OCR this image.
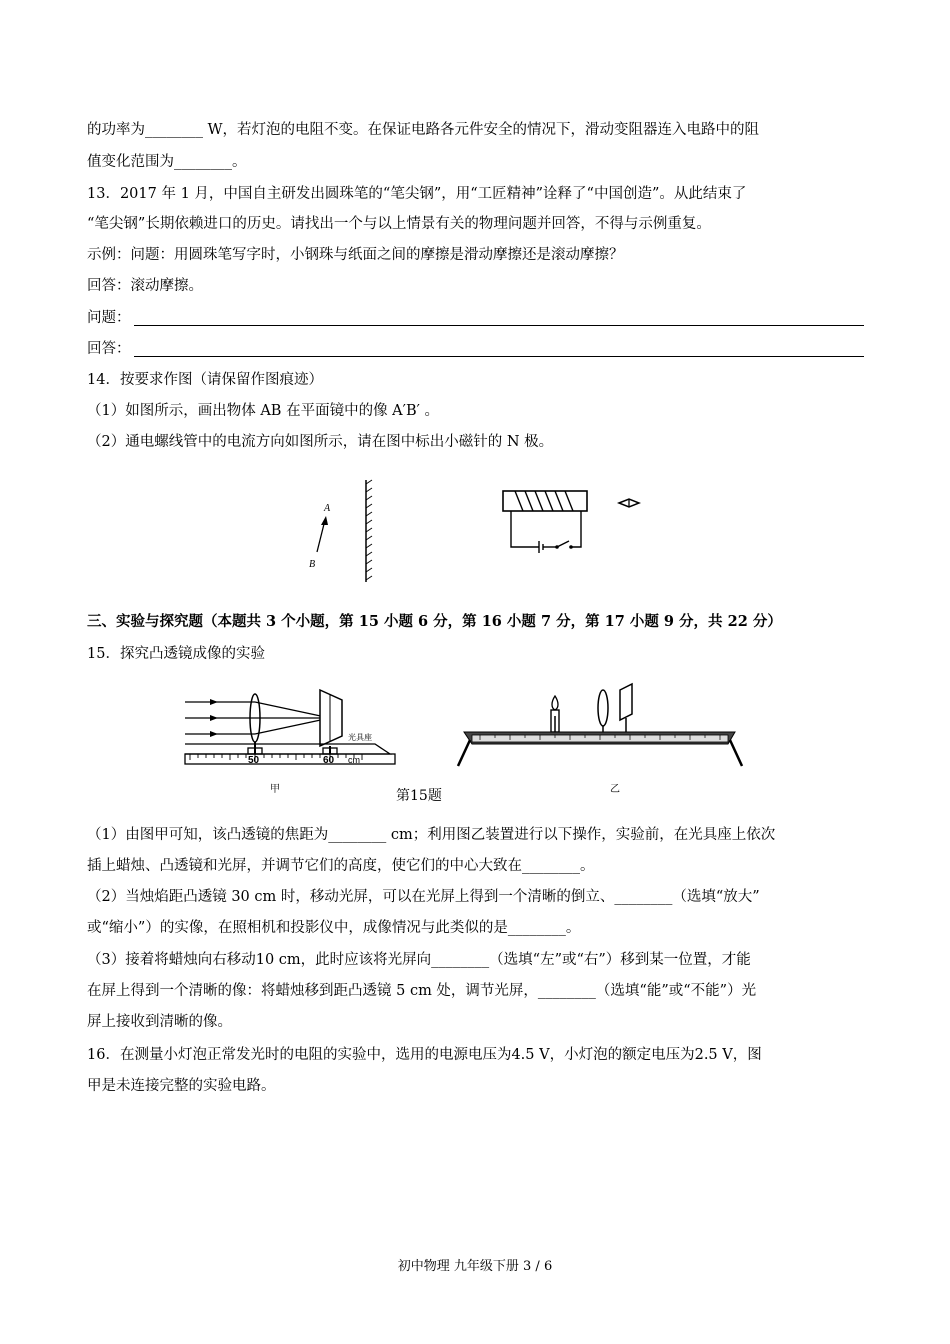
的功率为________ W，若灯泡的电阻不变。在保证电路各元件安全的情况下，滑动变阻器连入电路中的阻
值变化范围为________。
13．2017 年 1 月，中国自主研发出圆珠笔的“笔尖钢”，用“工匠精神”诠释了“中国创造”。从此结束了
“笔尖钢”长期依赖进口的历史。请找出一个与以上情景有关的物理问题并回答，不得与示例重复。
示例：问题：用圆珠笔写字时，小钢珠与纸面之间的摩擦是滑动摩擦还是滚动摩擦？
回答：滚动摩擦。
问题：
回答：
14．按要求作图（请保留作图痕迹）
（1）如图所示，画出物体 AB 在平面镜中的像 A′B′ 。
（2）通电螺线管中的电流方向如图所示，请在图中标出小磁针的 N 极。
A
B
三、实验与探究题（本题共 3 个小题，第 15 小题 6 分，第 16 小题 7 分，第 17 小题 9 分，共 22 分）
15．探究凸透镜成像的实验
光具座
50	60 cm
甲	乙
第15题
（1）由图甲可知，该凸透镜的焦距为________ cm；利用图乙装置进行以下操作，实验前，在光具座上依次
插上蜡烛、凸透镜和光屏，并调节它们的高度，使它们的中心大致在________。
（2）当烛焰距凸透镜 30 cm 时，移动光屏，可以在光屏上得到一个清晰的倒立、________（选填“放大”
或“缩小”）的实像，在照相机和投影仪中，成像情况与此类似的是________。
（3）接着将蜡烛向右移动10 cm，此时应该将光屏向________（选填“左”或“右”）移到某一位置，才能
在屏上得到一个清晰的像：将蜡烛移到距凸透镜 5 cm 处，调节光屏，________（选填“能”或“不能”）光
屏上接收到清晰的像。
16．在测量小灯泡正常发光时的电阻的实验中，选用的电源电压为4.5 V，小灯泡的额定电压为2.5 V，图
甲是未连接完整的实验电路。
初中物理 九年级下册 3 / 6
